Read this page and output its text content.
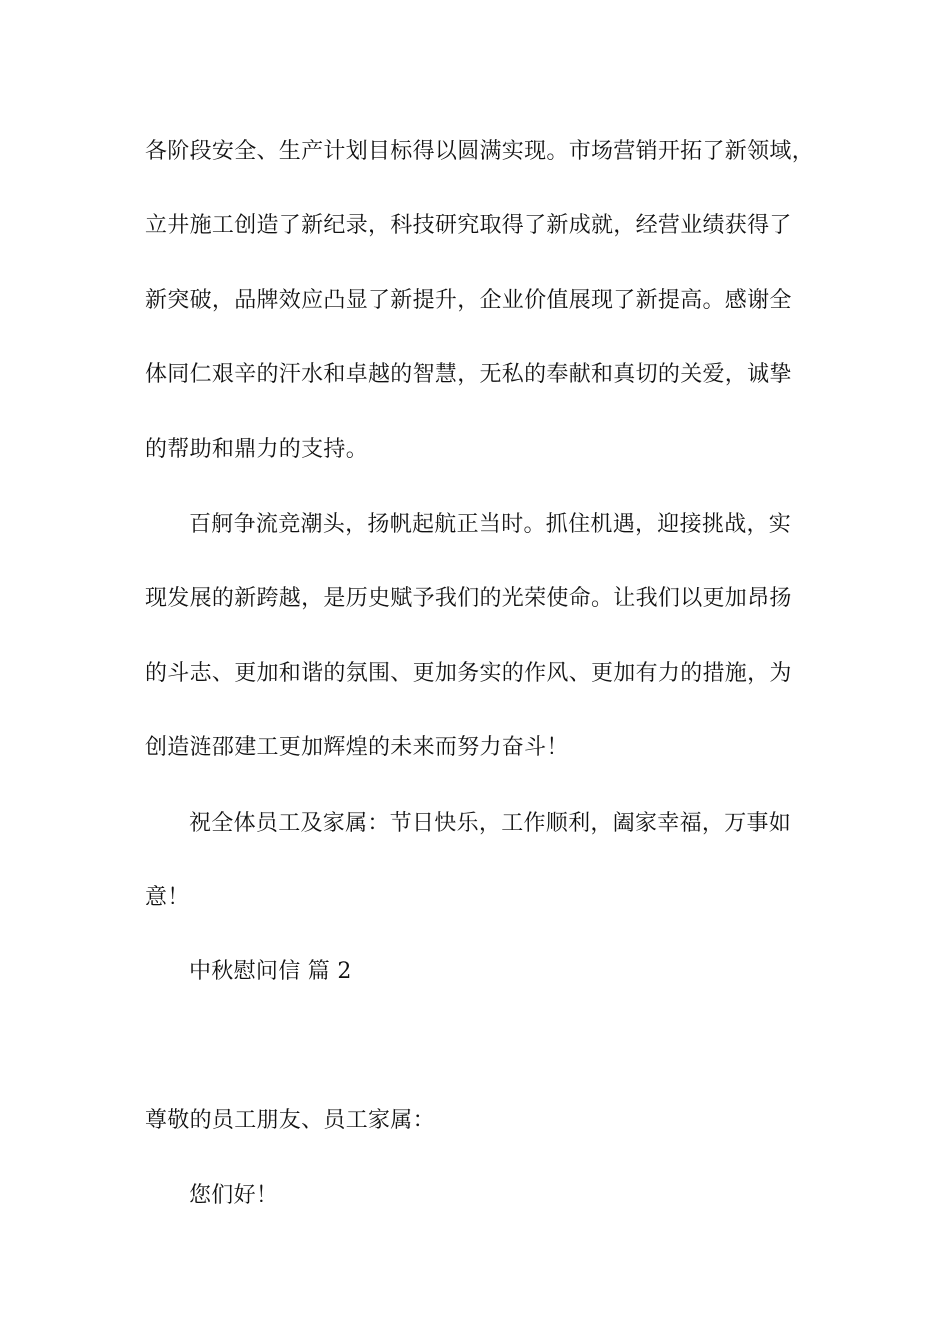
各阶段安全、生产计划目标得以圆满实现。市场营销开拓了新领域，
立井施工创造了新纪录，科技研究取得了新成就，经营业绩获得了
新突破，品牌效应凸显了新提升，企业价值展现了新提高。感谢全
体同仁艰辛的汗水和卓越的智慧，无私的奉献和真切的关爱，诚挚
的帮助和鼎力的支持。
百舸争流竞潮头，扬帆起航正当时。抓住机遇，迎接挑战，实
现发展的新跨越，是历史赋予我们的光荣使命。让我们以更加昂扬
的斗志、更加和谐的氛围、更加务实的作风、更加有力的措施，为
创造涟邵建工更加辉煌的未来而努力奋斗！
祝全体员工及家属：节日快乐，工作顺利，阖家幸福，万事如
意！
中秋慰问信 篇 2
尊敬的员工朋友、员工家属：
您们好！
